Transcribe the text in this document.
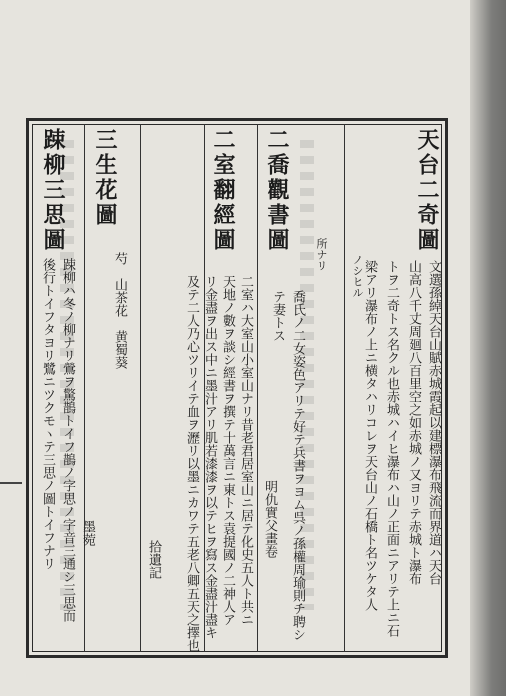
天台二奇圖
文選孫綽天台山賦赤城霞起以建標瀑布飛流而界道ハ天台
山高八千丈周廻八百里空之如赤城ノ又ヨリテ赤城ト瀑布
トヲ二奇トス名クル也赤城ハイヒ瀑布ハ山ノ正面ニアリテ上ニ石
ノシヒル
梁アリ瀑布ノ上ニ横タハリコレヲ天台山ノ石橋ト名ツケタ人
所ナリ
二喬觀書圖
喬氏ノ二女姿色アリテ好テ兵書ヲヨム呉ノ孫權周瑜則チ聘シ
テ妻トス
明仇實父畫卷
二室翻經圖
二室ハ大室山小室山ナリ昔老君居室山ニ居テ化史五人ト共ニ
天地ノ數ヲ談シ經書ヲ撰テ十萬言ニ東トス袁提國ノ二神人ア
リ金盡ヲ出ス中ニ墨汁アリ肌若漆漆ヲ以テヒヲ寫ス金盡汁盡キ
及テ二人乃心ツリイテ血ヲ瀝リ以墨ニカワテ五老八卿五天之擇也
拾遺記
三生花圖
芍　山茶花　黄蜀葵
墨菀
踈柳三思圖
踈柳ハ冬ノ柳ナリ鶯ヲ驚鵲トイフ鵲ノ字思ノ字音三通シ三思而
後行トイフタヨリ鷺ニツクモヽテ三思ノ圖トイフナリ
